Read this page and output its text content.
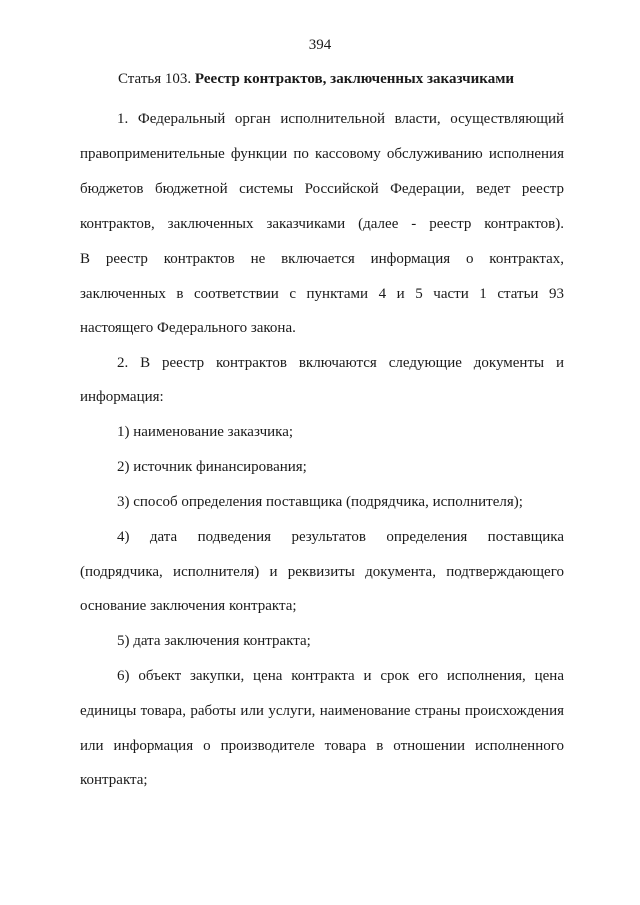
394
Статья 103. Реестр контрактов, заключенных заказчиками
1. Федеральный орган исполнительной власти, осуществляющий
правоприменительные функции по кассовому обслуживанию исполнения
бюджетов бюджетной системы Российской Федерации, ведет реестр
контрактов, заключенных заказчиками (далее - реестр контрактов).
В реестр контрактов не включается информация о контрактах,
заключенных в соответствии с пунктами 4 и 5 части 1 статьи 93
настоящего Федерального закона.
2. В реестр контрактов включаются следующие документы и
информация:
1) наименование заказчика;
2) источник финансирования;
3) способ определения поставщика (подрядчика, исполнителя);
4) дата подведения результатов определения поставщика
(подрядчика, исполнителя) и реквизиты документа, подтверждающего
основание заключения контракта;
5) дата заключения контракта;
6) объект закупки, цена контракта и срок его исполнения, цена
единицы товара, работы или услуги, наименование страны происхождения
или информация о производителе товара в отношении исполненного
контракта;
